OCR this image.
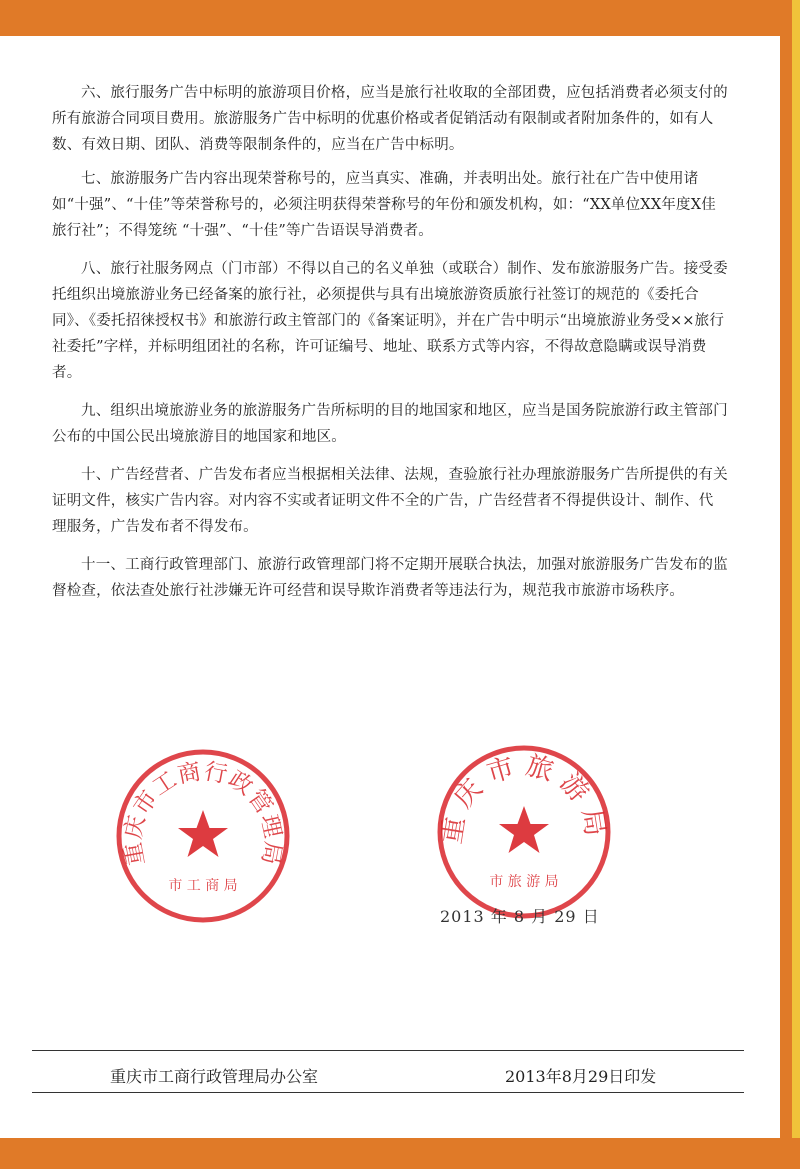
六、旅行服务广告中标明的旅游项目价格，应当是旅行社收取的全部团费，应包括消费者必须支付的所有旅游合同项目费用。旅游服务广告中标明的优惠价格或者促销活动有限制或者附加条件的，如有人数、有效日期、团队、消费等限制条件的，应当在广告中标明。

七、旅游服务广告内容出现荣誉称号的，应当真实、准确，并表明出处。旅行社在广告中使用诸如“十强”、“十佳”等荣誉称号的，必须注明获得荣誉称号的年份和颁发机构，如：“XX单位XX年度X佳旅行社”；不得笼统 “十强”、“十佳”等广告语误导消费者。

八、旅行社服务网点（门市部）不得以自己的名义单独（或联合）制作、发布旅游服务广告。接受委托组织出境旅游业务已经备案的旅行社，必须提供与具有出境旅游资质旅行社签订的规范的《委托合同》、《委托招徕授权书》和旅游行政主管部门的《备案证明》，并在广告中明示“出境旅游业务受××旅行社委托”字样，并标明组团社的名称，许可证编号、地址、联系方式等内容，不得故意隐瞒或误导消费者。

九、组织出境旅游业务的旅游服务广告所标明的目的地国家和地区，应当是国务院旅游行政主管部门公布的中国公民出境旅游目的地国家和地区。

十、广告经营者、广告发布者应当根据相关法律、法规，查验旅行社办理旅游服务广告所提供的有关证明文件，核实广告内容。对内容不实或者证明文件不全的广告，广告经营者不得提供设计、制作、代理服务，广告发布者不得发布。

十一、工商行政管理部门、旅游行政管理部门将不定期开展联合执法，加强对旅游服务广告发布的监督检查，依法查处旅行社涉嫌无许可经营和误导欺诈消费者等违法行为，规范我市旅游市场秩序。

重庆市工商行政管理局
市 工 商 局
重庆市旅游局
市 旅 游 局
2013 年 8 月 29 日
重庆市工商行政管理局办公室	2013年8月29日印发
